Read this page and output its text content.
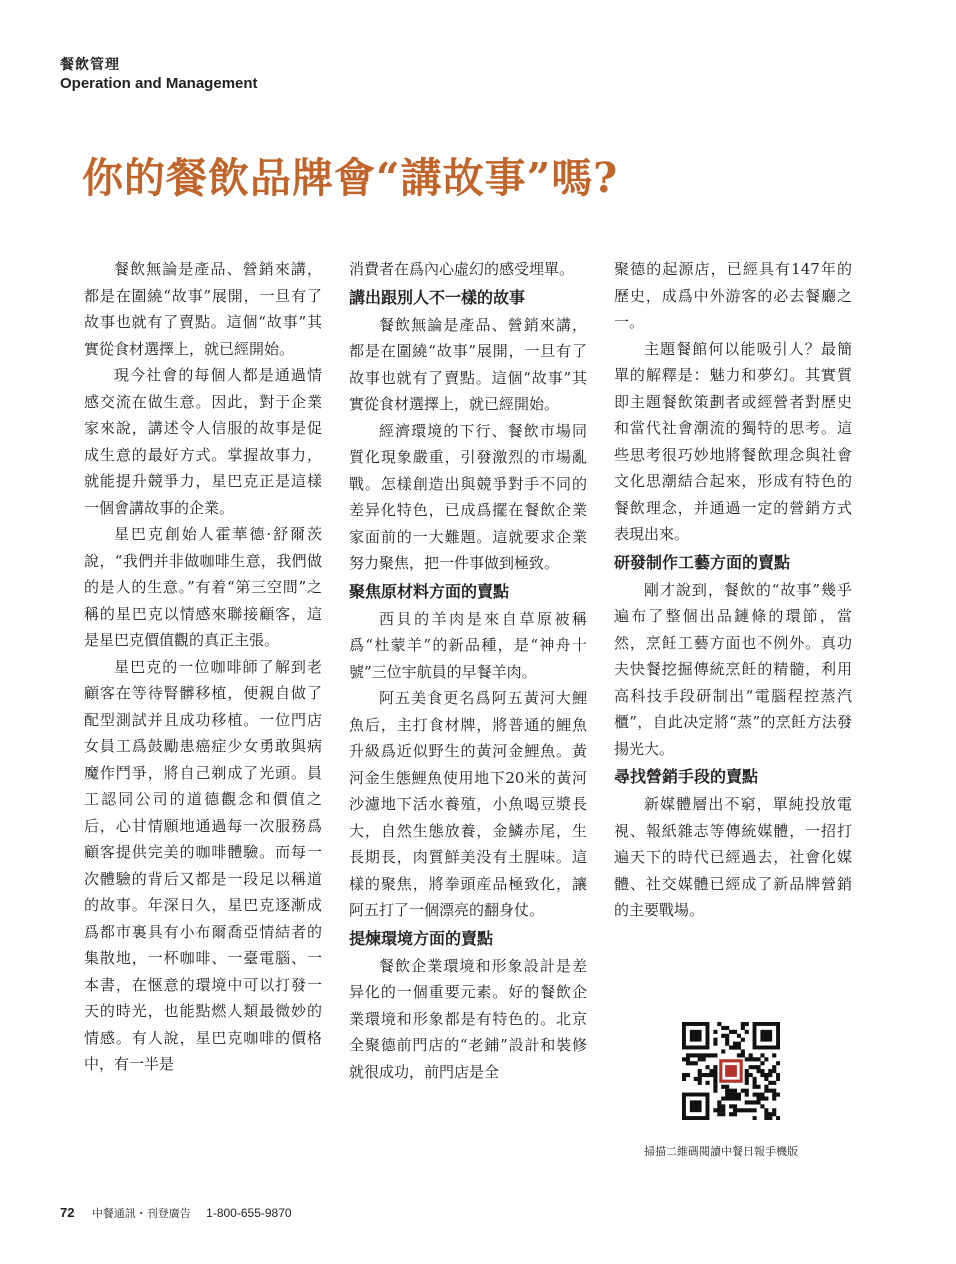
餐飲管理
Operation and Management
你的餐飲品牌會“講故事”嗎?

餐飲無論是產品、營銷來講，都是在圍繞“故事”展開，一旦有了故事也就有了賣點。這個“故事”其實從食材選擇上，就已經開始。

現今社會的每個人都是通過情感交流在做生意。因此，對于企業家來說，講述令人信服的故事是促成生意的最好方式。掌握故事力，就能提升競爭力，星巴克正是這樣一個會講故事的企業。

星巴克創始人霍華德·舒爾茨說，“我們并非做咖啡生意，我們做的是人的生意。”有着“第三空間”之稱的星巴克以情感來聯接顧客，這是星巴克價值觀的真正主張。

星巴克的一位咖啡師了解到老顧客在等待腎髒移植，便親自做了配型測試并且成功移植。一位門店女員工爲鼓勵患癌症少女勇敢與病魔作鬥爭，將自己剃成了光頭。員工認同公司的道德觀念和價值之后，心甘情願地通過每一次服務爲顧客提供完美的咖啡體驗。而每一次體驗的背后又都是一段足以稱道的故事。年深日久，星巴克逐漸成爲都市裏具有小布爾喬亞情結者的集散地，一杯咖啡、一臺電腦、一本書，在愜意的環境中可以打發一天的時光，也能點燃人類最微妙的情感。有人說，星巴克咖啡的價格中，有一半是

消費者在爲內心虛幻的感受埋單。

講出跟別人不一樣的故事

餐飲無論是產品、營銷來講，都是在圍繞“故事”展開，一旦有了故事也就有了賣點。這個“故事”其實從食材選擇上，就已經開始。

經濟環境的下行、餐飲市場同質化現象嚴重，引發激烈的市場亂戰。怎樣創造出與競爭對手不同的差异化特色，已成爲擺在餐飲企業家面前的一大難題。這就要求企業努力聚焦，把一件事做到極致。

聚焦原材料方面的賣點

西貝的羊肉是來自草原被稱爲“杜蒙羊”的新品種，是“神舟十號”三位宇航員的早餐羊肉。

阿五美食更名爲阿五黃河大鯉魚后，主打食材牌，將普通的鯉魚升級爲近似野生的黃河金鯉魚。黃河金生態鯉魚使用地下20米的黃河沙濾地下活水養殖，小魚喝豆漿長大，自然生態放養，金鱗赤尾，生長期長，肉質鮮美没有土腥味。這樣的聚焦，將拳頭産品極致化，讓阿五打了一個漂亮的翻身仗。

提煉環境方面的賣點

餐飲企業環境和形象設計是差异化的一個重要元素。好的餐飲企業環境和形象都是有特色的。北京全聚德前門店的“老鋪”設計和裝修就很成功，前門店是全

聚德的起源店，已經具有147年的歷史，成爲中外游客的必去餐廳之一。

主題餐館何以能吸引人？最簡單的解釋是：魅力和夢幻。其實質即主題餐飲策劃者或經營者對歷史和當代社會潮流的獨特的思考。這些思考很巧妙地將餐飲理念與社會文化思潮結合起來，形成有特色的餐飲理念，并通過一定的營銷方式表現出來。

研發制作工藝方面的賣點

剛才說到，餐飲的“故事”幾乎遍布了整個出品鏈條的環節，當然，烹飪工藝方面也不例外。真功夫快餐挖掘傳統烹飪的精髓，利用高科技手段研制出“電腦程控蒸汽櫃”，自此决定將“蒸”的烹飪方法發揚光大。

尋找營銷手段的賣點

新媒體層出不窮，單純投放電視、報紙雜志等傳統媒體，一招打遍天下的時代已經過去，社會化媒體、社交媒體已經成了新品牌營銷的主要戰場。

掃描二維碼閱讀中餐日報手機版
72 中餐通訊・刊登廣告 1-800-655-9870
